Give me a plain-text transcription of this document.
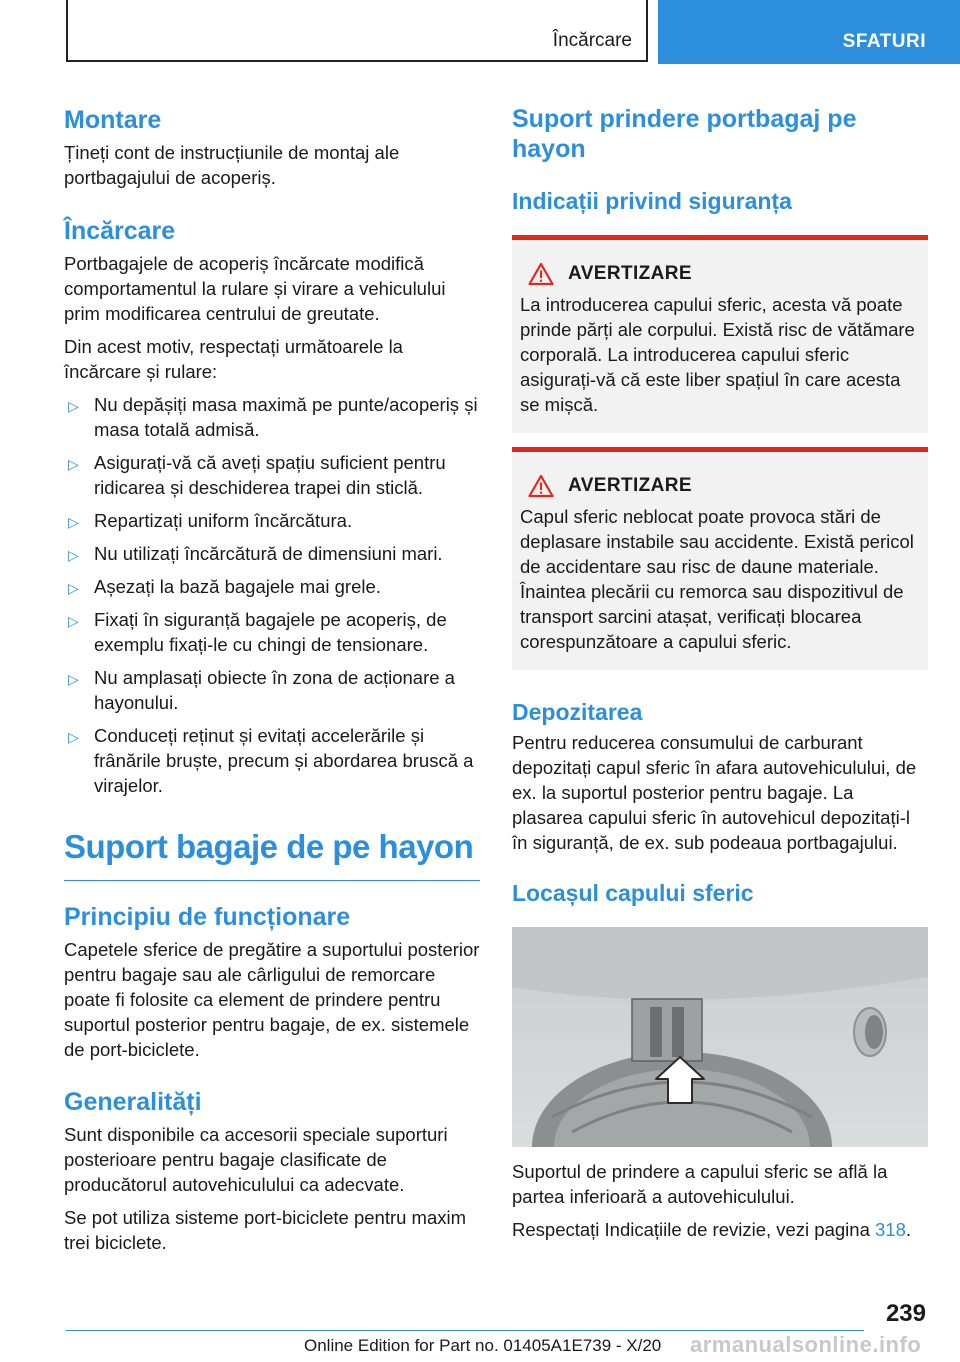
Încărcare	SFATURI
Montare

Țineți cont de instrucțiunile de montaj ale portbagajului de acoperiș.

Încărcare

Portbagajele de acoperiș încărcate modifică comportamentul la rulare și virare a vehiculului prim modificarea centrului de greutate.

Din acest motiv, respectați următoarele la încărcare și rulare:

▷ Nu depășiți masa maximă pe punte/acoperiș și masa totală admisă.
▷ Asigurați-vă că aveți spațiu suficient pentru ridicarea și deschiderea trapei din sticlă.
▷ Repartizați uniform încărcătura.
▷ Nu utilizați încărcătură de dimensiuni mari.
▷ Așezați la bază bagajele mai grele.
▷ Fixați în siguranță bagajele pe acoperiș, de exemplu fixați-le cu chingi de tensionare.
▷ Nu amplasați obiecte în zona de acționare a hayonului.
▷ Conduceți reținut și evitați accelerările și frânările bruște, precum și abordarea bruscă a virajelor.
Suport bagaje de pe hayon
Principiu de funcționare

Capetele sferice de pregătire a suportului posterior pentru bagaje sau ale cârligului de remorcare poate fi folosite ca element de prindere pentru suportul posterior pentru bagaje, de ex. sistemele de port-biciclete.

Generalități

Sunt disponibile ca accesorii speciale suporturi posterioare pentru bagaje clasificate de producătorul autovehiculului ca adecvate.

Se pot utiliza sisteme port-biciclete pentru maxim trei biciclete.

Suport prindere portbagaj pe hayon
Indicații privind siguranța
AVERTIZARE

La introducerea capului sferic, acesta vă poate prinde părți ale corpului. Există risc de vătămare corporală. La introducerea capului sferic asigurați-vă că este liber spațiul în care acesta se mișcă.

AVERTIZARE

Capul sferic neblocat poate provoca stări de deplasare instabile sau accidente. Există pericol de accidentare sau risc de daune materiale. Înaintea plecării cu remorca sau dispozitivul de transport sarcini atașat, verificați blocarea corespunzătoare a capului sferic.

Depozitarea

Pentru reducerea consumului de carburant depozitați capul sferic în afara autovehiculului, de ex. la suportul posterior pentru bagaje. La plasarea capului sferic în autovehicul depozitați-l în siguranță, de ex. sub podeaua portbagajului.

Locașul capului sferic

Suportul de prindere a capului sferic se află la partea inferioară a autovehiculului.

Respectați Indicațiile de revizie, vezi pagina 318.

239
Online Edition for Part no. 01405A1E739 - X/20 armanualsonline.info
